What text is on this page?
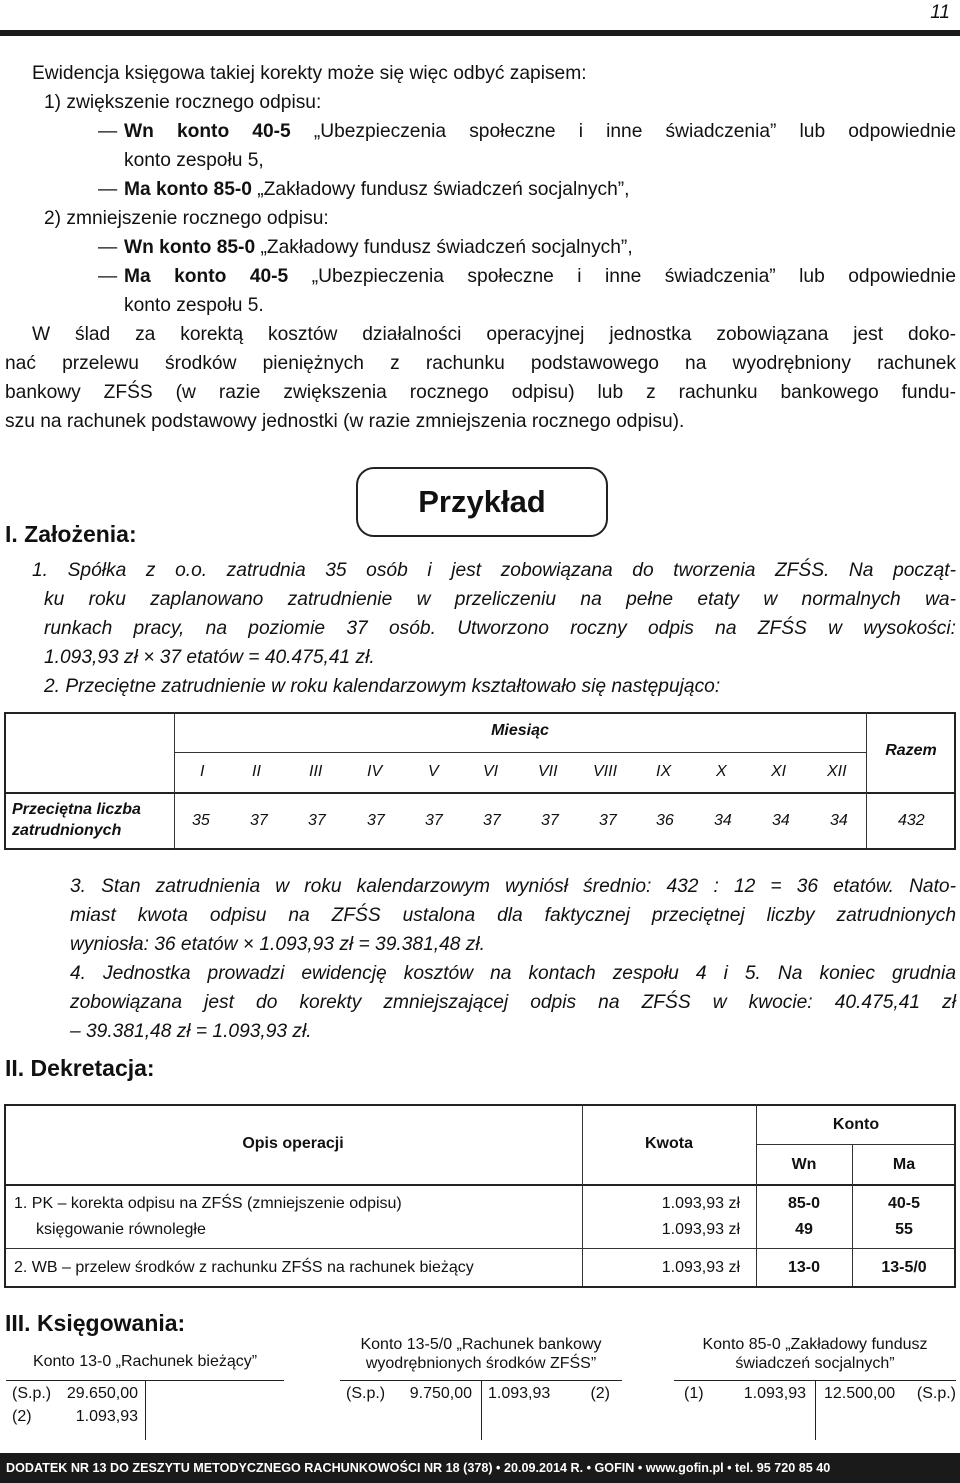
11
Ewidencja księgowa takiej korekty może się więc odbyć zapisem:
1) zwiększenie rocznego odpisu:
— Wn konto 40-5 „Ubezpieczenia społeczne i inne świadczenia” lub odpowiednie
konto zespołu 5,
— Ma konto 85-0 „Zakładowy fundusz świadczeń socjalnych”,
2) zmniejszenie rocznego odpisu:
— Wn konto 85-0 „Zakładowy fundusz świadczeń socjalnych”,
— Ma konto 40-5 „Ubezpieczenia społeczne i inne świadczenia” lub odpowiednie
konto zespołu 5.
W ślad za korektą kosztów działalności operacyjnej jednostka zobowiązana jest doko-
nać przelewu środków pieniężnych z rachunku podstawowego na wyodrębniony rachunek
bankowy ZFŚS (w razie zwiększenia rocznego odpisu) lub z rachunku bankowego fundu-
szu na rachunek podstawowy jednostki (w razie zmniejszenia rocznego odpisu).
Przykład
I. Założenia:
1. Spółka z o.o. zatrudnia 35 osób i jest zobowiązana do tworzenia ZFŚS. Na począt-
ku roku zaplanowano zatrudnienie w przeliczeniu na pełne etaty w normalnych wa-
runkach pracy, na poziomie 37 osób. Utworzono roczny odpis na ZFŚS w wysokości:
1.093,93 zł × 37 etatów = 40.475,41 zł.
2. Przeciętne zatrudnienie w roku kalendarzowym kształtowało się następująco:
Miesiąc
Razem
I	II	III	IV	V	VI VII VIII IX	X	XI	XII
Przeciętna liczba
zatrudnionych
35	37	37	37	37	37	37	37 36	34	34	34	432
3. Stan zatrudnienia w roku kalendarzowym wyniósł średnio: 432 : 12 = 36 etatów. Nato-
miast kwota odpisu na ZFŚS ustalona dla faktycznej przeciętnej liczby zatrudnionych
wyniosła: 36 etatów × 1.093,93 zł = 39.381,48 zł.
4. Jednostka prowadzi ewidencję kosztów na kontach zespołu 4 i 5. Na koniec grudnia
zobowiązana jest do korekty zmniejszającej odpis na ZFŚS w kwocie: 40.475,41 zł
– 39.381,48 zł = 1.093,93 zł.
II. Dekretacja:
Opis operacji	Kwota
Konto
Wn	Ma
1. PK – korekta odpisu na ZFŚS (zmniejszenie odpisu)	1.093,93 zł	85-0	40-5
księgowanie równoległe	1.093,93 zł	49	55
2. WB – przelew środków z rachunku ZFŚS na rachunek bieżący	1.093,93 zł	13-0	13-5/0
III. Księgowania:
Konto 13-0 „Rachunek bieżący”
(S.p.) 29.650,00
(2)	1.093,93
Konto 13-5/0 „Rachunek bankowy
wyodrębnionych środków ZFŚS”
(S.p.)	9.750,00 1.093,93	(2)
Konto 85-0 „Zakładowy fundusz
świadczeń socjalnych”
(1)	1.093,93 12.500,00	(S.p.)
DODATEK NR 13 DO ZESZYTU METODYCZNEGO RACHUNKOWOŚCI NR 18 (378) • 20.09.2014 R. • GOFIN • www.gofin.pl • tel. 95 720 85 40
